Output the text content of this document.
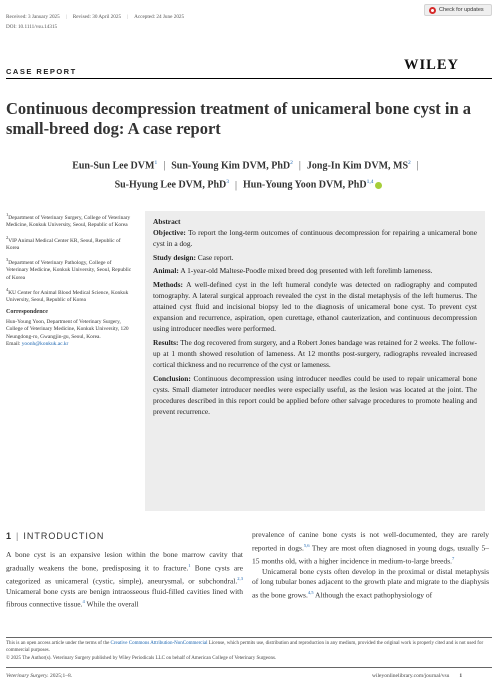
Received: 3 January 2025 | Revised: 30 April 2025 | Accepted: 24 June 2025
DOI: 10.1111/vsu.14315
Check for updates
CASE REPORT	WILEY
Continuous decompression treatment of unicameral bone cyst in a small-breed dog: A case report
Eun-Sun Lee DVM$^1$ | Sun-Young Kim DVM, PhD$^2$ | Jong-In Kim DVM, $MS^2$ |
Su-Hyung Lee DVM, PhD$^3$ | Hun-Young Yoon DVM, PhD$^{1,4}$
$^1$Department of Veterinary Surgery, College of Veterinary Medicine, Konkuk University, Seoul, Republic of Korea
$^2$VIP Animal Medical Center KR, Seoul, Republic of Korea
$^3$Department of Veterinary Pathology, College of Veterinary Medicine, Konkuk University, Seoul, Republic of Korea
$^4$KU Center for Animal Blood Medical Science, Konkuk University, Seoul, Republic of Korea
Correspondence
Hun-Young Yoon, Department of Veterinary Surgery, College of Veterinary Medicine, Konkuk University, 120 Neungdong-ro, Gwangjin-gu, Seoul, Korea.
Email: yoonh@konkuk.ac.kr
Abstract

Objective: To report the long-term outcomes of continuous decompression for repairing a unicameral bone cyst in a dog.

Study design: Case report.

Animal: A 1-year-old Maltese-Poodle mixed breed dog presented with left forelimb lameness.

Methods: A well-defined cyst in the left humeral condyle was detected on radiography and computed tomography. A lateral surgical approach revealed the cyst in the distal metaphysis of the left humerus. The attained cyst fluid and incisional biopsy led to the diagnosis of unicameral bone cyst. To prevent cyst expansion and recurrence, aspiration, open curettage, ethanol cauterization, and continuous decompression using introducer needles were performed.

Results: The dog recovered from surgery, and a Robert Jones bandage was retained for 2 weeks. The follow-up at 1 month showed resolution of lameness. At 12 months post-surgery, radiographs revealed increased cortical thickness and no recurrence of the cyst or lameness.

Conclusion: Continuous decompression using introducer needles could be used to repair unicameral bone cysts. Small diameter introducer needles were especially useful, as the lesion was located at the joint. The procedures described in this report could be applied before other salvage procedures to promote healing and prevent recurrence.

1 | INTRODUCTION

A bone cyst is an expansive lesion within the bone marrow cavity that gradually weakens the bone, predisposing it to fracture.$^1$ Bone cysts are categorized as unicameral (cystic, simple), aneurysmal, or subchondral.$^{2,3}$ Unicameral bone cysts are benign intraosseous fluid-filled cavities lined with fibrous connective tissue.$^4$ While the overall

prevalence of canine bone cysts is not well-documented, they are rarely reported in dogs.$^{5,6}$ They are most often diagnosed in young dogs, usually 5–15 months old, with a higher incidence in medium-to-large breeds.$^7$

Unicameral bone cysts often develop in the proximal or distal metaphysis of long tubular bones adjacent to the growth plate and migrate to the diaphysis as the bone grows.$^{4,5}$ Although the exact pathophysiology of

This is an open access article under the terms of the Creative Commons Attribution-NonCommercial License, which permits use, distribution and reproduction in any medium, provided the original work is properly cited and is not used for commercial purposes.
© 2025 The Author(s). Veterinary Surgery published by Wiley Periodicals LLC on behalf of American College of Veterinary Surgeons.
Veterinary Surgery. 2025;1–8.	wileyonlinelibrary.com/journal/vsu 1
